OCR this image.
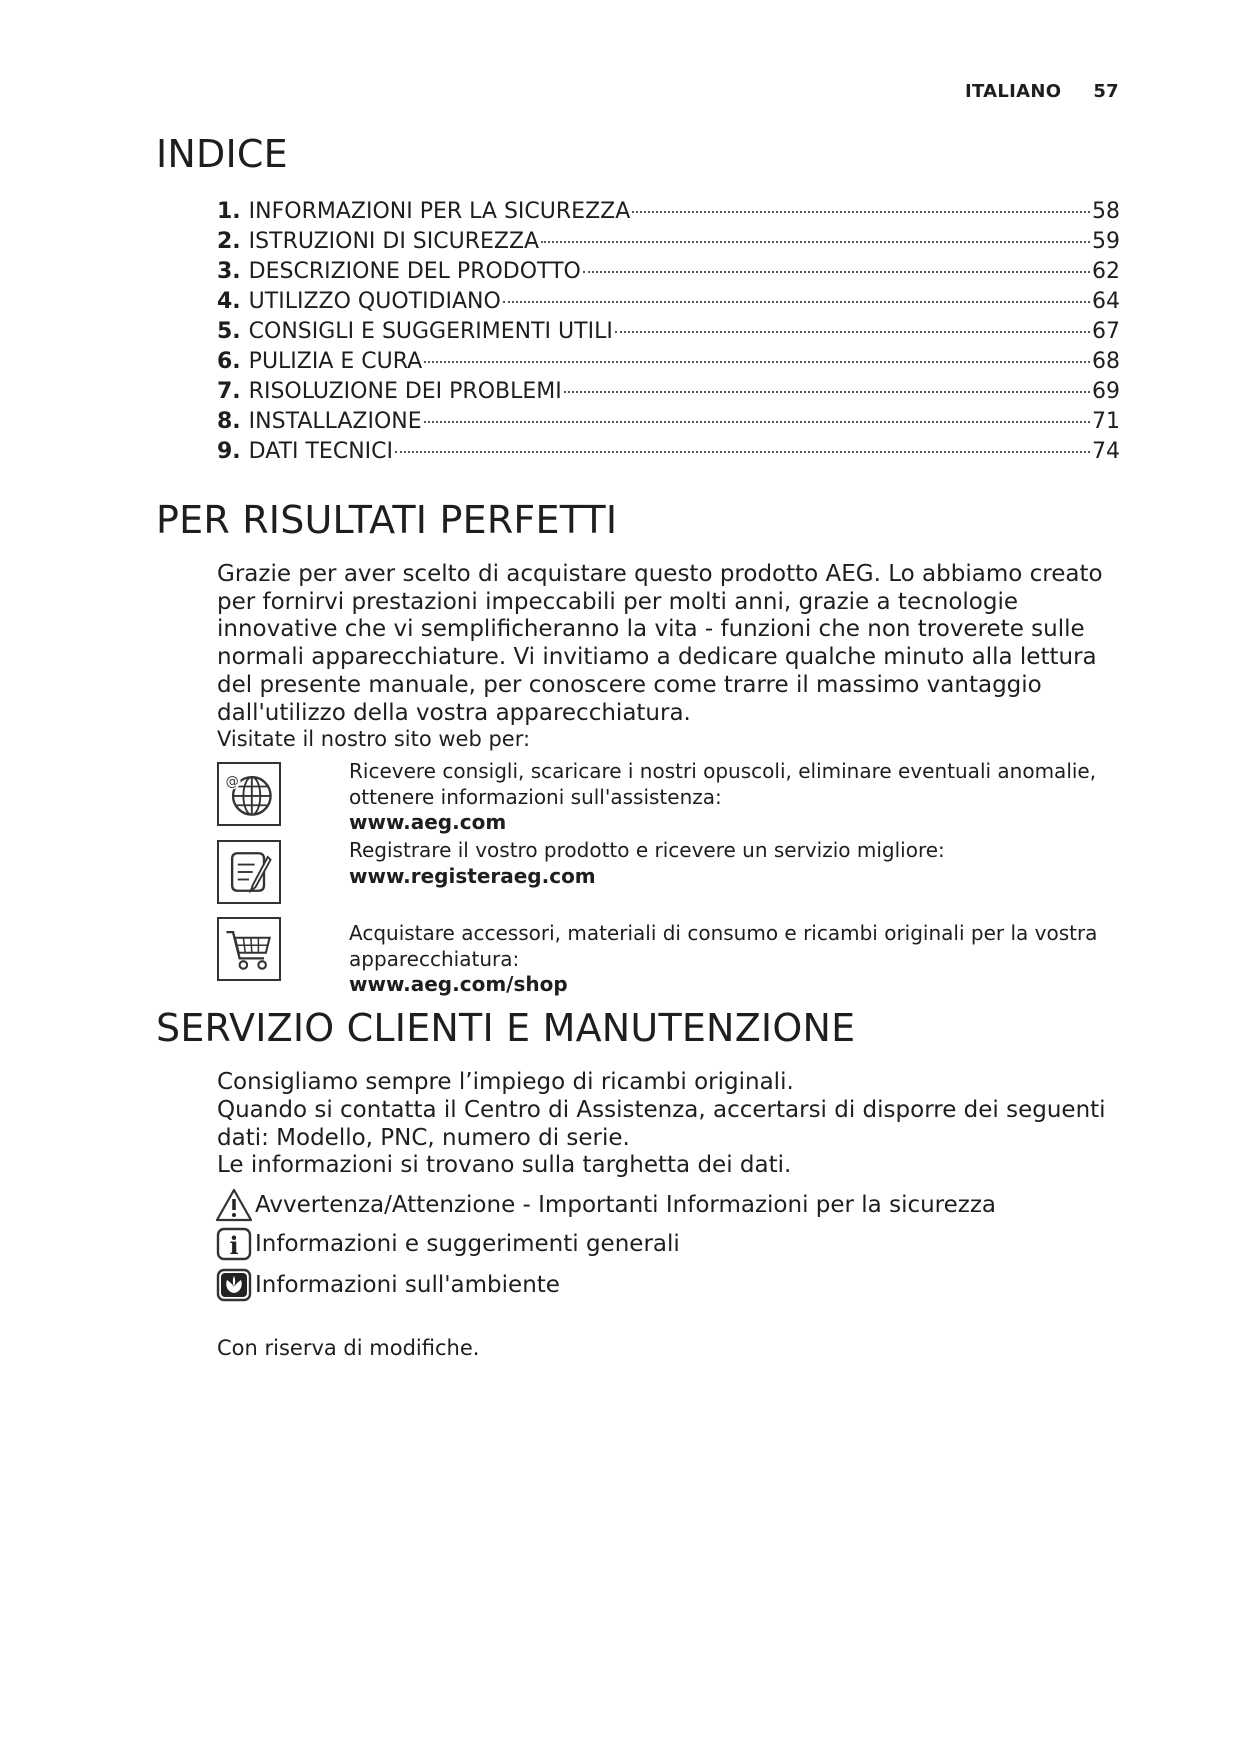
ITALIANO 57
INDICE
1. INFORMAZIONI PER LA SICUREZZA	58
2. ISTRUZIONI DI SICUREZZA	59
3. DESCRIZIONE DEL PRODOTTO	62
4. UTILIZZO QUOTIDIANO	64
5. CONSIGLI E SUGGERIMENTI UTILI	67
6. PULIZIA E CURA	68
7. RISOLUZIONE DEI PROBLEMI	69
8. INSTALLAZIONE	71
9. DATI TECNICI	74
PER RISULTATI PERFETTI

Grazie per aver scelto di acquistare questo prodotto AEG. Lo abbiamo creato per fornirvi prestazioni impeccabili per molti anni, grazie a tecnologie innovative che vi semplificheranno la vita - funzioni che non troverete sulle normali apparecchiature. Vi invitiamo a dedicare qualche minuto alla lettura del presente manuale, per conoscere come trarre il massimo vantaggio dall'utilizzo della vostra apparecchiatura.

Visitate il nostro sito web per:

@	Ricevere consigli, scaricare i nostri opuscoli, eliminare eventuali anomalie, ottenere informazioni sull'assistenza:
www.aeg.com
Registrare il vostro prodotto e ricevere un servizio migliore:
www.registeraeg.com
Acquistare accessori, materiali di consumo e ricambi originali per la vostra apparecchiatura:
www.aeg.com/shop
SERVIZIO CLIENTI E MANUTENZIONE

Consigliamo sempre l’impiego di ricambi originali.

Quando si contatta il Centro di Assistenza, accertarsi di disporre dei seguenti dati: Modello, PNC, numero di serie.

Le informazioni si trovano sulla targhetta dei dati.

Avvertenza/Attenzione - Importanti Informazioni per la sicurezza
i Informazioni e suggerimenti generali
Informazioni sull'ambiente

Con riserva di modifiche.
